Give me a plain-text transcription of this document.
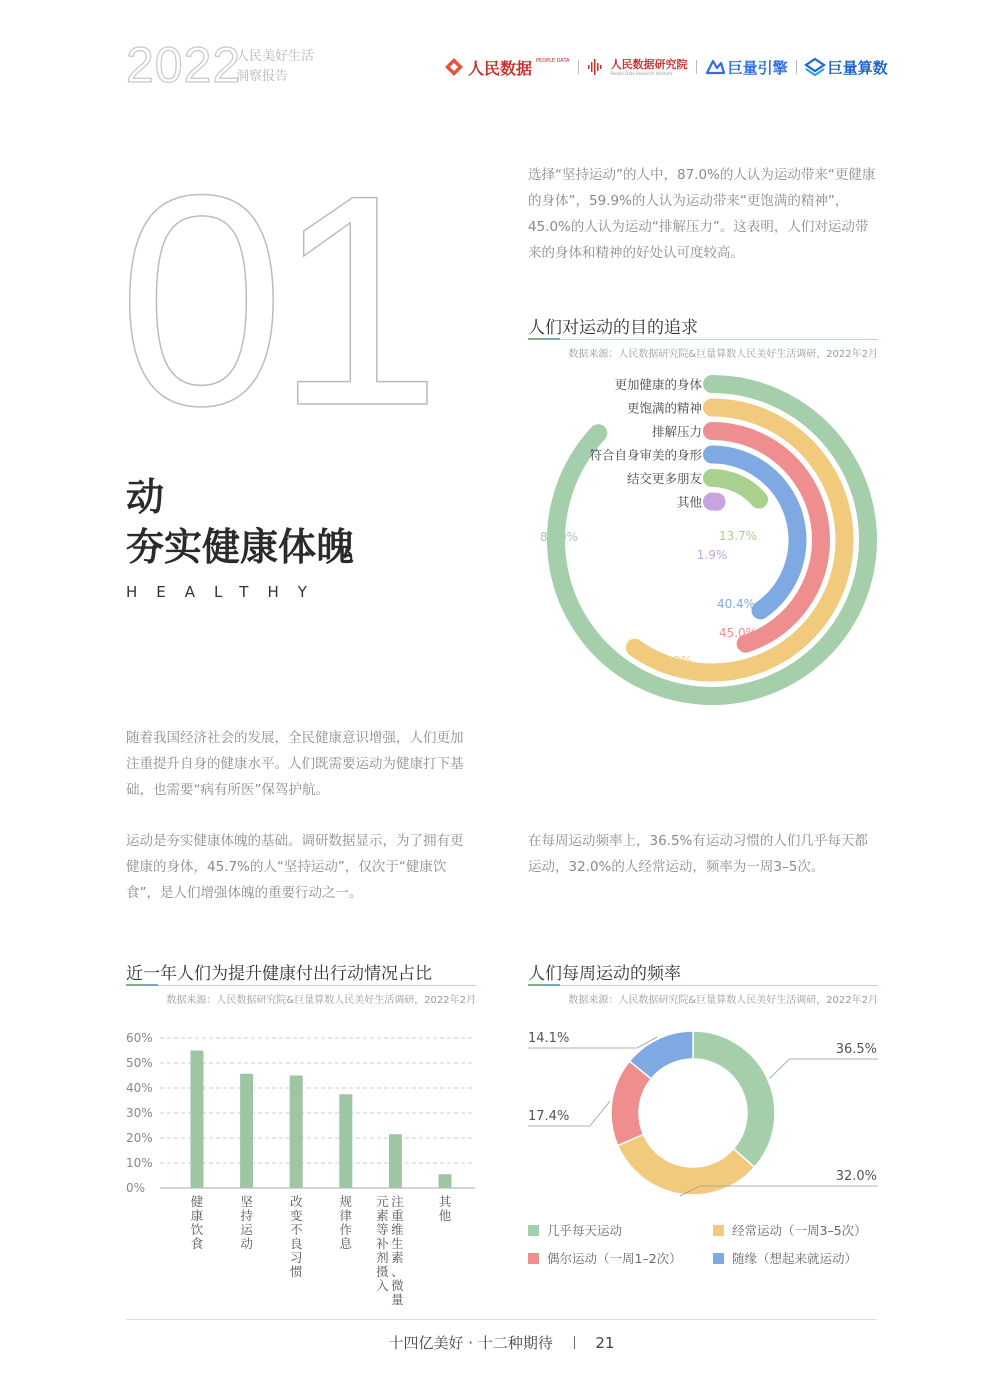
2022
人民美好生活
洞察报告	人民数据 PEOPLE DATA	人民数据研究院
People Data Research Institute	巨量引擎	巨量算数
01
动
夯实健康体魄
HEALTHY

选择“坚持运动”的人中，87.0%的人认为运动带来“更健康的身体”，59.9%的人认为运动带来“更饱满的精神”，45.0%的人认为运动“排解压力”。这表明，人们对运动带来的身体和精神的好处认可度较高。

人们对运动的目的追求
数据来源：人民数据研究院&巨量算数人民美好生活调研，2022年2月
更加健康的身体
87.0%
更饱满的精神
59.9%
排解压力
45.0%
符合自身审美的身形
40.4%
结交更多朋友
13.7%
其他
1.9%

随着我国经济社会的发展，全民健康意识增强，人们更加注重提升自身的健康水平。人们既需要运动为健康打下基础，也需要“病有所医”保驾护航。

运动是夯实健康体魄的基础。调研数据显示，为了拥有更健康的身体，45.7%的人“坚持运动”，仅次于“健康饮食”，是人们增强体魄的重要行动之一。

在每周运动频率上，36.5%有运动习惯的人们几乎每天都运动，32.0%的人经常运动，频率为一周3–5次。

近一年人们为提升健康付出行动情况占比
数据来源：人民数据研究院&巨量算数人民美好生活调研，2022年2月
0%
10%
20%
30%
40%
50%
60%
健
康
饮
食
坚
持
运
动
改
变
不
良
习
惯
规
律
作
息
注
重
维
生
素
、
微
量
元
素
等
补
剂
摄
入
其
他
人们每周运动的频率
数据来源：人民数据研究院&巨量算数人民美好生活调研，2022年2月
36.5%
32.0%
17.4%
14.1%
几乎每天运动	经常运动（一周3–5次）
偶尔运动（一周1–2次）	随缘（想起来就运动）
十四亿美好 · 十二种期待	21
